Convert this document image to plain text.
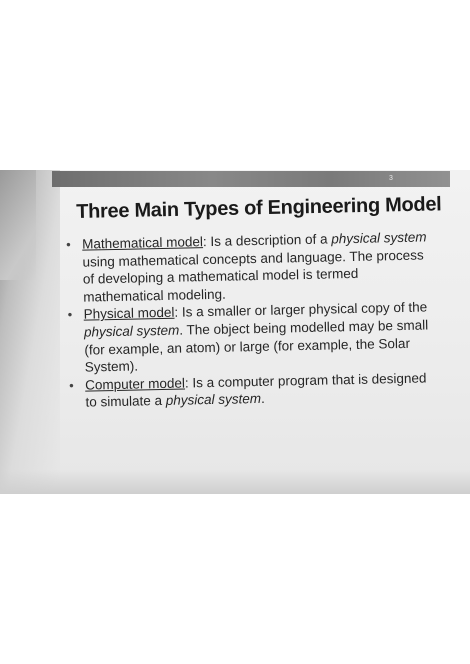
3
Three Main Types of Engineering Model
• Mathematical model: Is a description of a physical system using mathematical concepts and language. The process of developing a mathematical model is termed mathematical modeling.
• Physical model: Is a smaller or larger physical copy of the physical system. The object being modelled may be small (for example, an atom) or large (for example, the Solar System).
• Computer model: Is a computer program that is designed to simulate a physical system.
